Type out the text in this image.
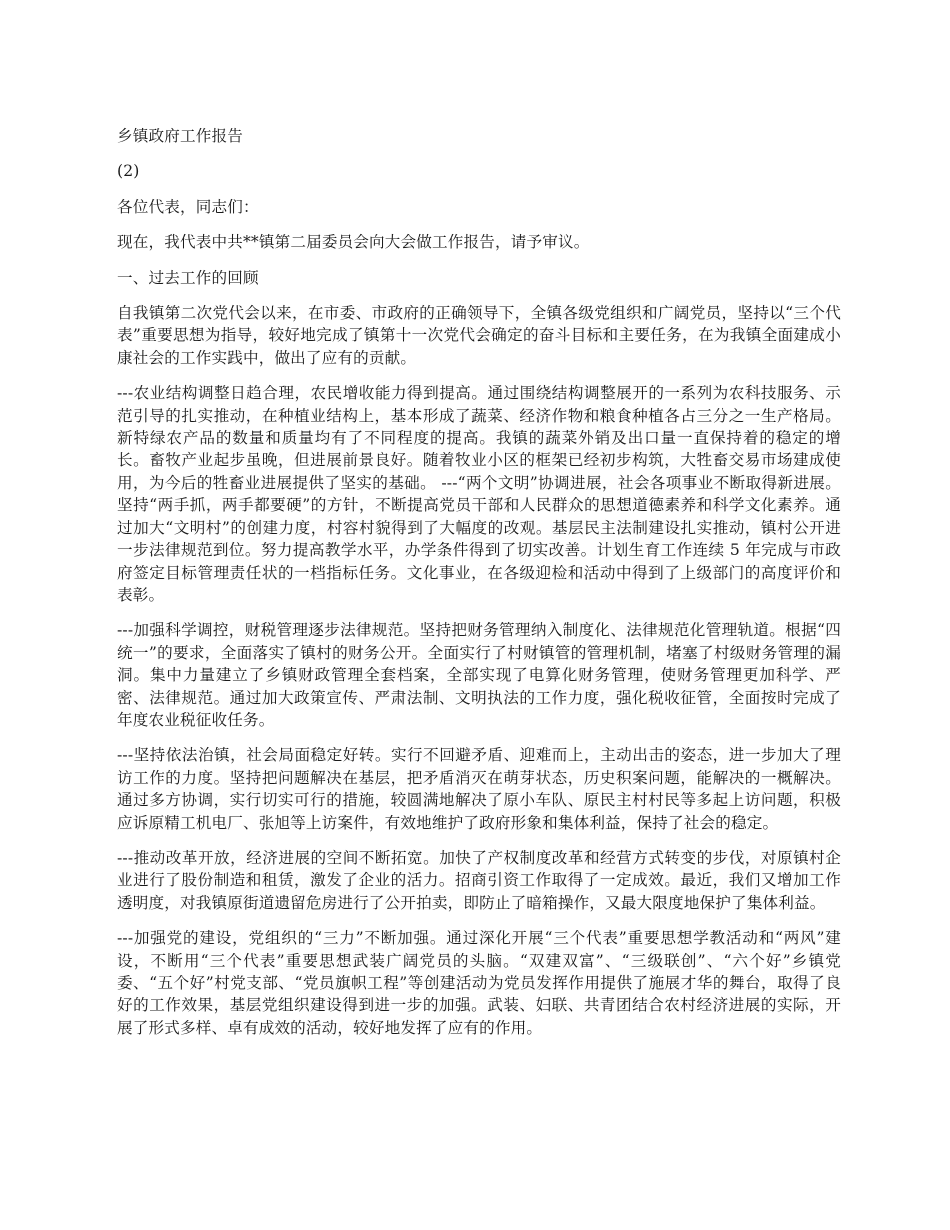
乡镇政府工作报告

(2)

各位代表，同志们：

现在，我代表中共**镇第二届委员会向大会做工作报告，请予审议。

一、过去工作的回顾

自我镇第二次党代会以来，在市委、市政府的正确领导下，全镇各级党组织和广阔党员，坚持以“三个代表”重要思想为指导，较好地完成了镇第十一次党代会确定的奋斗目标和主要任务，在为我镇全面建成小康社会的工作实践中，做出了应有的贡献。

---农业结构调整日趋合理，农民增收能力得到提高。通过围绕结构调整展开的一系列为农科技服务、示范引导的扎实推动，在种植业结构上，基本形成了蔬菜、经济作物和粮食种植各占三分之一生产格局。新特绿农产品的数量和质量均有了不同程度的提高。我镇的蔬菜外销及出口量一直保持着的稳定的增长。畜牧产业起步虽晚，但进展前景良好。随着牧业小区的框架已经初步构筑，大牲畜交易市场建成使用，为今后的牲畜业进展提供了坚实的基础。 ---“两个文明”协调进展，社会各项事业不断取得新进展。坚持“两手抓，两手都要硬”的方针，不断提高党员干部和人民群众的思想道德素养和科学文化素养。通过加大“文明村”的创建力度，村容村貌得到了大幅度的改观。基层民主法制建设扎实推动，镇村公开进一步法律规范到位。努力提高教学水平，办学条件得到了切实改善。计划生育工作连续 5 年完成与市政府签定目标管理责任状的一档指标任务。文化事业，在各级迎检和活动中得到了上级部门的高度评价和表彰。

---加强科学调控，财税管理逐步法律规范。坚持把财务管理纳入制度化、法律规范化管理轨道。根据“四统一”的要求，全面落实了镇村的财务公开。全面实行了村财镇管的管理机制，堵塞了村级财务管理的漏洞。集中力量建立了乡镇财政管理全套档案，全部实现了电算化财务管理，使财务管理更加科学、严密、法律规范。通过加大政策宣传、严肃法制、文明执法的工作力度，强化税收征管，全面按时完成了年度农业税征收任务。

---坚持依法治镇，社会局面稳定好转。实行不回避矛盾、迎难而上，主动出击的姿态，进一步加大了理访工作的力度。坚持把问题解决在基层，把矛盾消灭在萌芽状态，历史积案问题，能解决的一概解决。通过多方协调，实行切实可行的措施，较圆满地解决了原小车队、原民主村村民等多起上访问题，积极应诉原精工机电厂、张旭等上访案件，有效地维护了政府形象和集体利益，保持了社会的稳定。

---推动改革开放，经济进展的空间不断拓宽。加快了产权制度改革和经营方式转变的步伐，对原镇村企业进行了股份制造和租赁，激发了企业的活力。招商引资工作取得了一定成效。最近，我们又增加工作透明度，对我镇原街道遗留危房进行了公开拍卖，即防止了暗箱操作，又最大限度地保护了集体利益。

---加强党的建设，党组织的“三力”不断加强。通过深化开展“三个代表”重要思想学教活动和“两风”建设，不断用“三个代表”重要思想武装广阔党员的头脑。“双建双富”、“三级联创”、“六个好”乡镇党委、“五个好”村党支部、“党员旗帜工程”等创建活动为党员发挥作用提供了施展才华的舞台，取得了良好的工作效果，基层党组织建设得到进一步的加强。武装、妇联、共青团结合农村经济进展的实际，开展了形式多样、卓有成效的活动，较好地发挥了应有的作用。
